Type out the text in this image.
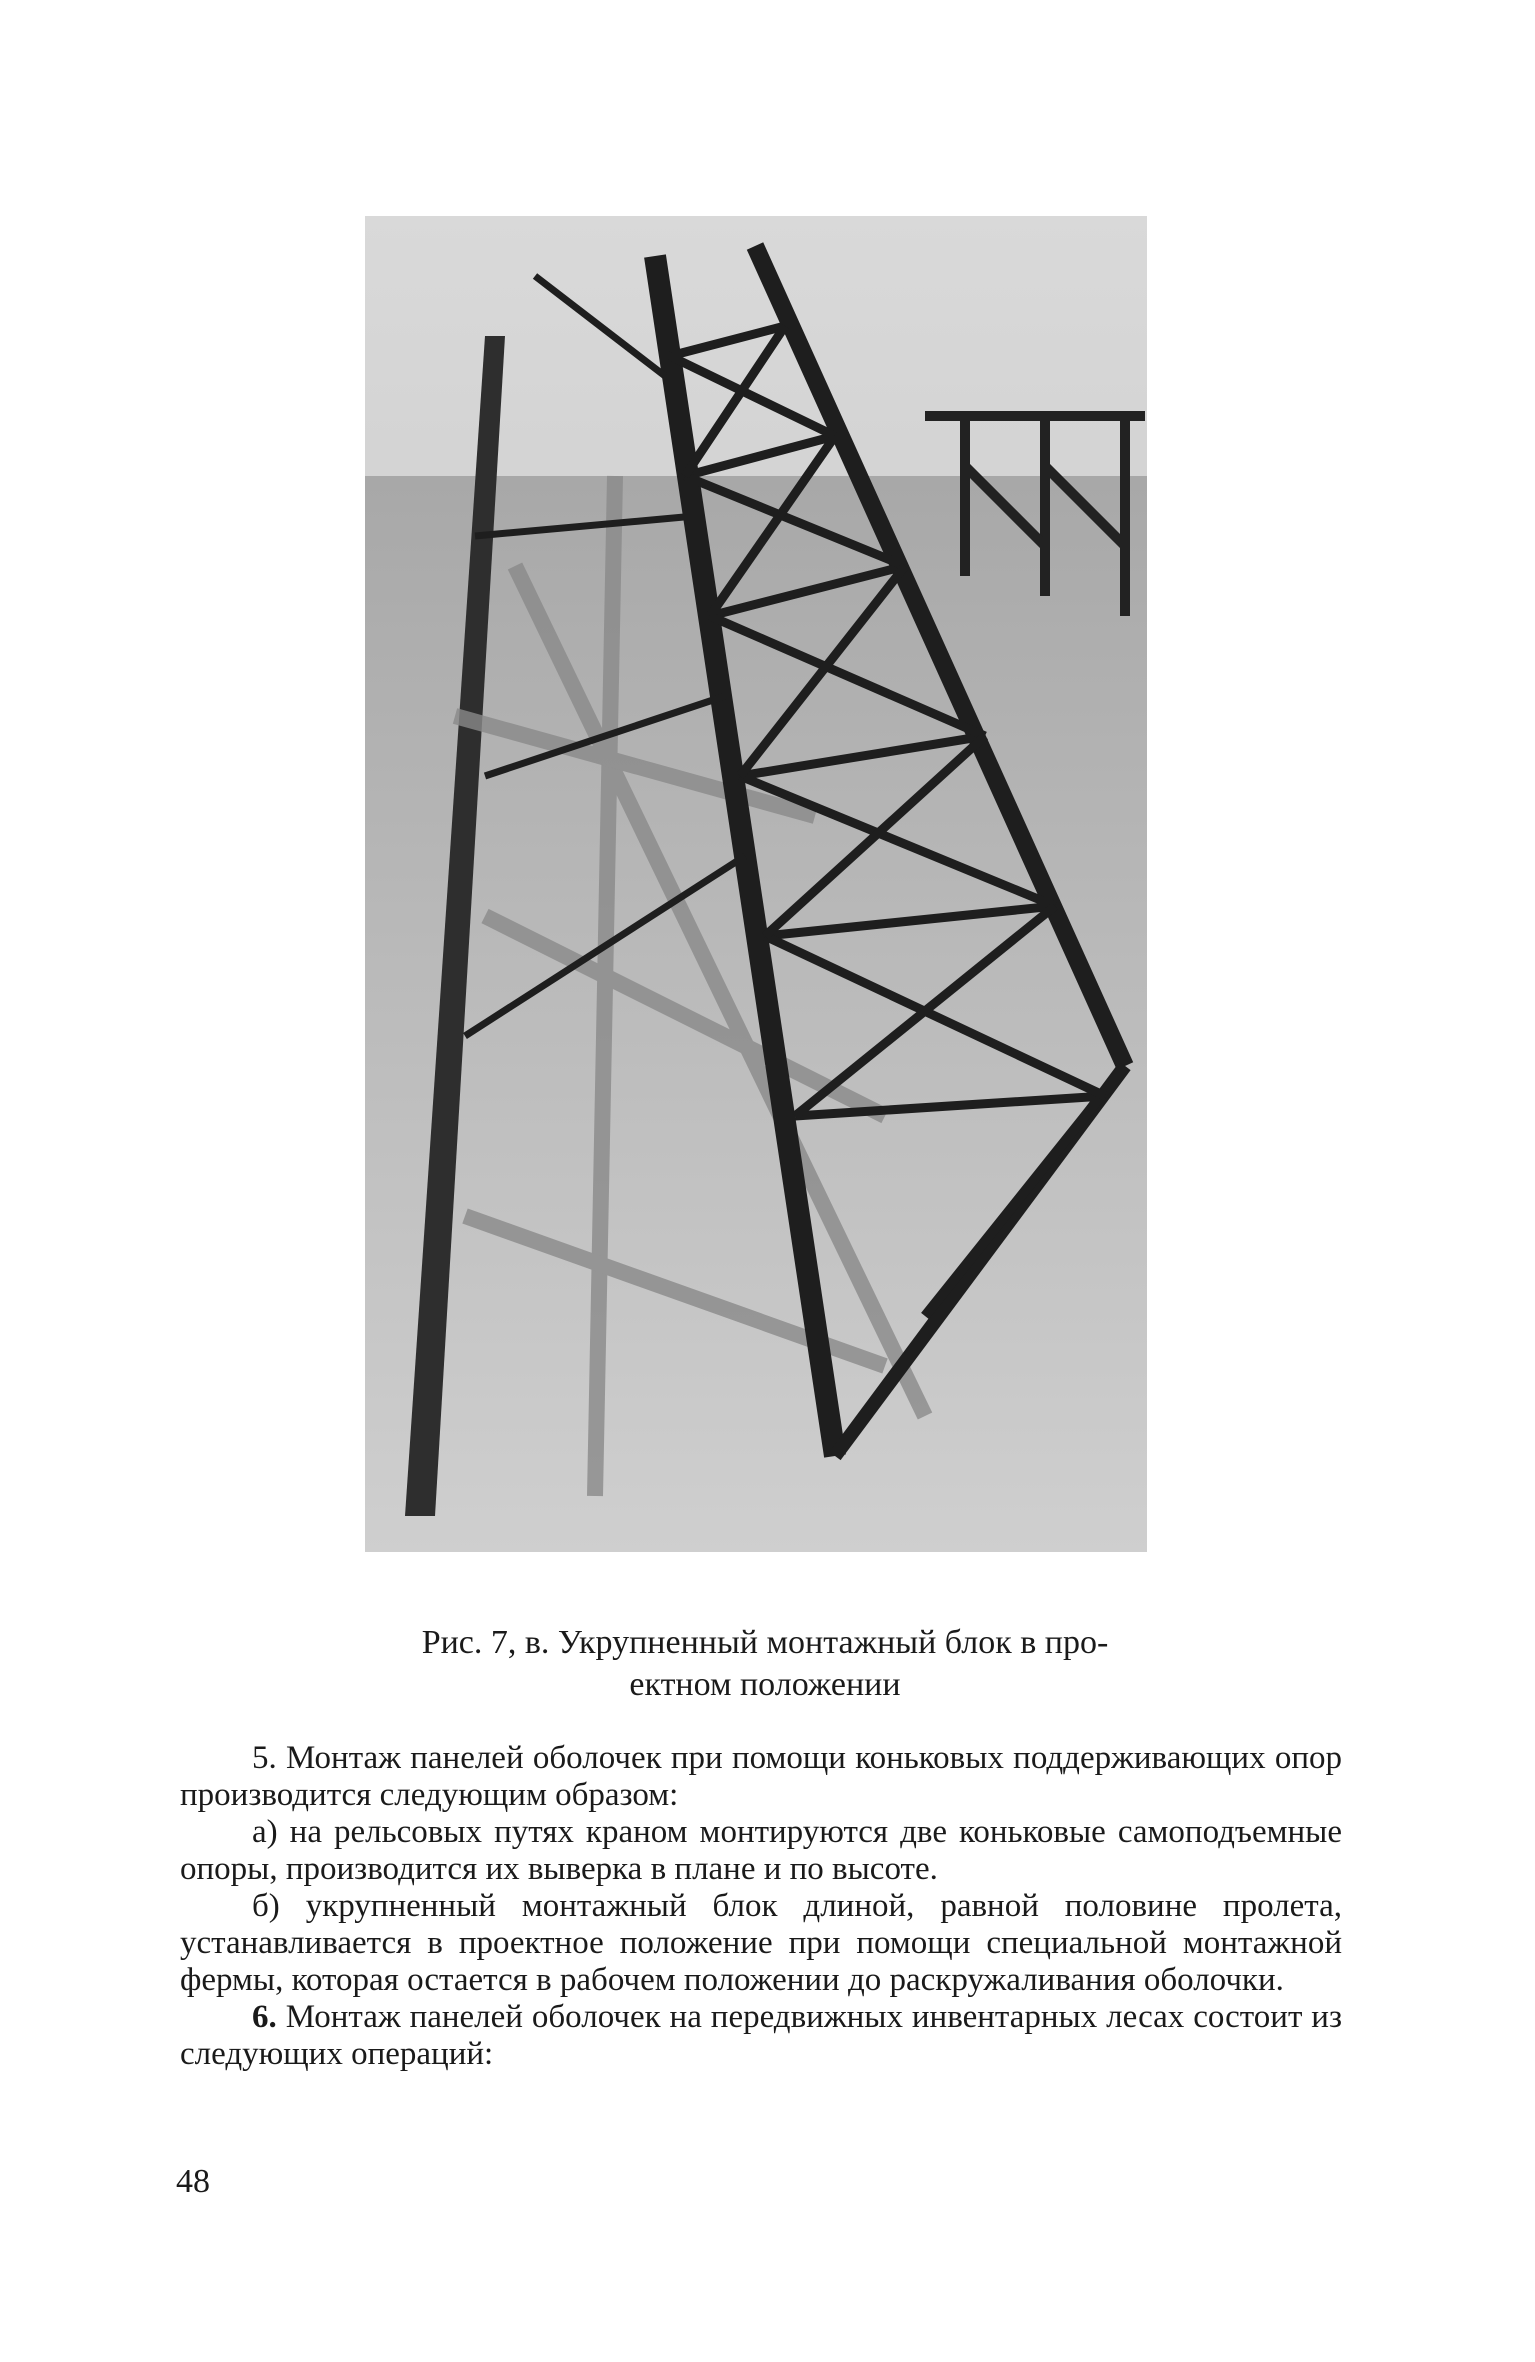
Рис. 7, в. Укрупненный монтажный блок в про-
ектном положении

5. Монтаж панелей оболочек при помощи коньковых поддерживающих опор производится следующим образом:

а) на рельсовых путях краном монтируются две коньковые самоподъемные опоры, производится их выверка в плане и по высоте.

б) укрупненный монтажный блок длиной, равной половине пролета, устанавливается в проектное положение при помощи специальной монтажной фермы, которая остается в рабочем положении до раскружаливания оболочки.

6. Монтаж панелей оболочек на передвижных инвентарных лесах состоит из следующих операций:

48
